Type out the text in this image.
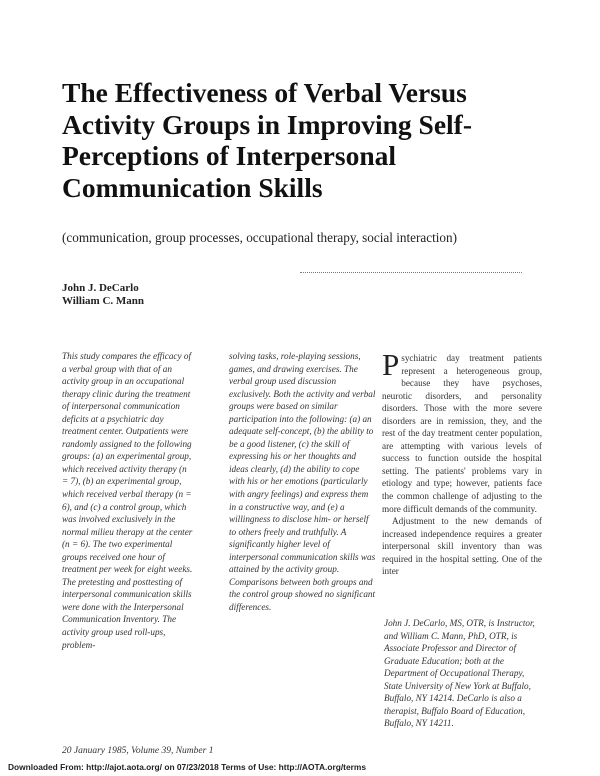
The Effectiveness of Verbal Versus Activity Groups in Improving Self-Perceptions of Interpersonal Communication Skills
(communication, group processes, occupational therapy, social interaction)
John J. DeCarlo
William C. Mann

This study compares the efficacy of a verbal group with that of an activity group in an occupational therapy clinic during the treatment of interpersonal communication deficits at a psychiatric day treatment center. Outpatients were randomly assigned to the following groups: (a) an experimental group, which received activity therapy (n = 7), (b) an experimental group, which received verbal therapy (n = 6), and (c) a control group, which was involved exclusively in the normal milieu therapy at the center (n = 6). The two experimental groups received one hour of treatment per week for eight weeks. The pretesting and posttesting of interpersonal communication skills were done with the Interpersonal Communication Inventory. The activity group used roll-ups, problem-

solving tasks, role-playing sessions, games, and drawing exercises. The verbal group used discussion exclusively. Both the activity and verbal groups were based on similar participation into the following: (a) an adequate self-concept, (b) the ability to be a good listener, (c) the skill of expressing his or her thoughts and ideas clearly, (d) the ability to cope with his or her emotions (particularly with angry feelings) and express them in a constructive way, and (e) a willingness to disclose him- or herself to others freely and truthfully. A significantly higher level of interpersonal communication skills was attained by the activity group. Comparisons between both groups and the control group showed no significant differences.

Psychiatric day treatment patients represent a heterogeneous group, because they have psychoses, neurotic disorders, and personality disorders. Those with the more severe disorders are in remission, they, and the rest of the day treatment center population, are attempting with various levels of success to function outside the hospital setting. The patients' problems vary in etiology and type; however, patients face the common challenge of adjusting to the more difficult demands of the community.

Adjustment to the new demands of increased independence requires a greater interpersonal skill inventory than was required in the hospital setting. One of the inter

John J. DeCarlo, MS, OTR, is Instructor, and William C. Mann, PhD, OTR, is Associate Professor and Director of Graduate Education; both at the Department of Occupational Therapy, State University of New York at Buffalo, Buffalo, NY 14214. DeCarlo is also a therapist, Buffalo Board of Education, Buffalo, NY 14211.
20 January 1985, Volume 39, Number 1
Downloaded From: http://ajot.aota.org/ on 07/23/2018 Terms of Use: http://AOTA.org/terms
